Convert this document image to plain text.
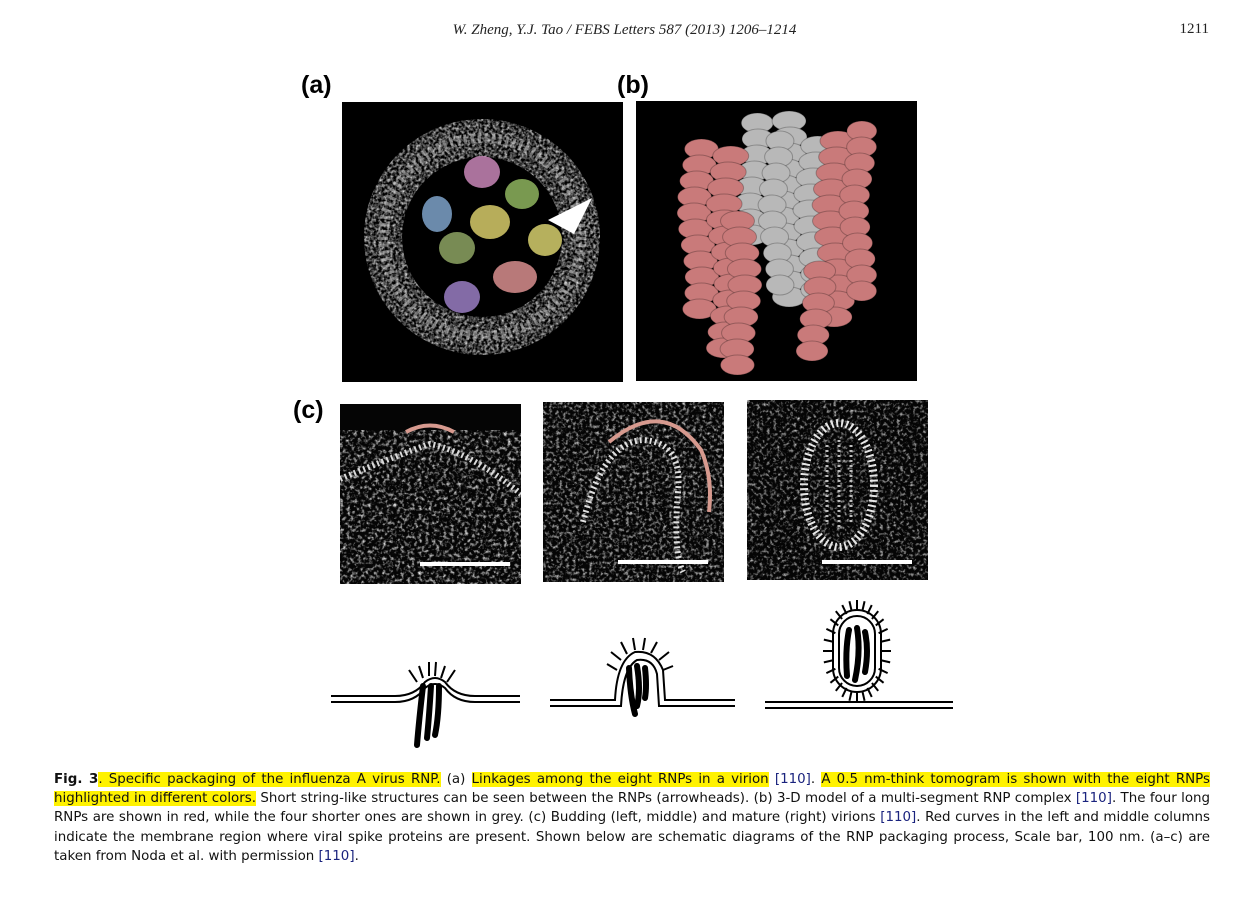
W. Zheng, Y.J. Tao / FEBS Letters 587 (2013) 1206–1214	1211
(a)	(b)
(c)
Fig. 3. Specific packaging of the influenza A virus RNP. (a) Linkages among the eight RNPs in a virion [110]. A 0.5 nm-think tomogram is shown with the eight RNPs highlighted in different colors. Short string-like structures can be seen between the RNPs (arrowheads). (b) 3-D model of a multi-segment RNP complex [110]. The four long RNPs are shown in red, while the four shorter ones are shown in grey. (c) Budding (left, middle) and mature (right) virions [110]. Red curves in the left and middle columns indicate the membrane region where viral spike proteins are present. Shown below are schematic diagrams of the RNP packaging process, Scale bar, 100 nm. (a–c) are taken from Noda et al. with permission [110].
